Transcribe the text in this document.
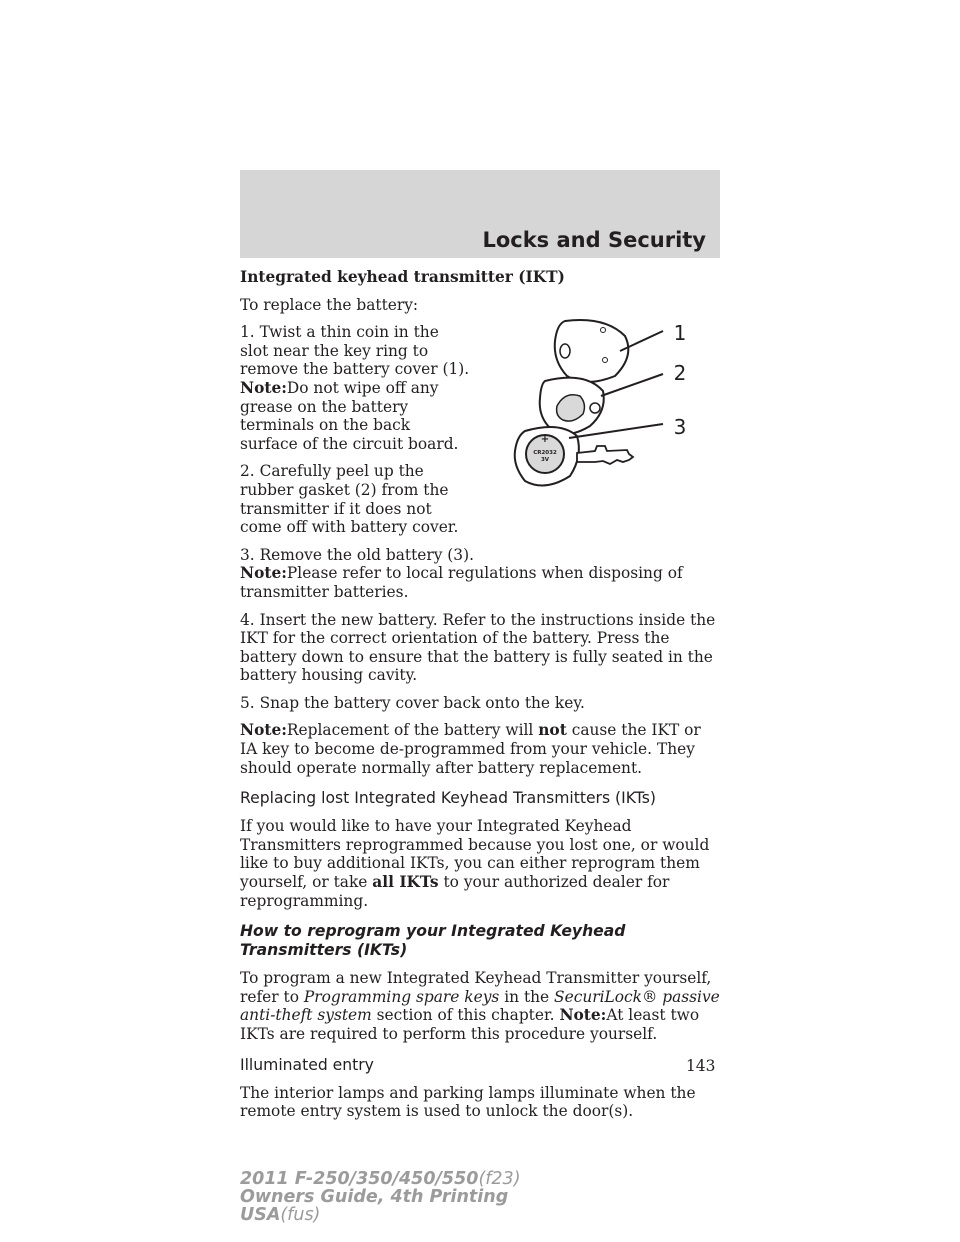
Locks and Security
+
CR2032
3V
1
2
3

Integrated keyhead transmitter (IKT)

To replace the battery:

1. Twist a thin coin in the slot near the key ring to remove the battery cover (1).

Note:Do not wipe off any grease on the battery terminals on the back surface of the circuit board.

2. Carefully peel up the rubber gasket (2) from the transmitter if it does not come off with battery cover.

3. Remove the old battery (3).

Note:Please refer to local regulations when disposing of transmitter batteries.

4. Insert the new battery. Refer to the instructions inside the IKT for the correct orientation of the battery. Press the battery down to ensure that the battery is fully seated in the battery housing cavity.

5. Snap the battery cover back onto the key.

Note:Replacement of the battery will not cause the IKT or IA key to become de-programmed from your vehicle. They should operate normally after battery replacement.

Replacing lost Integrated Keyhead Transmitters (IKTs)

If you would like to have your Integrated Keyhead Transmitters reprogrammed because you lost one, or would like to buy additional IKTs, you can either reprogram them yourself, or take all IKTs to your authorized dealer for reprogramming.

How to reprogram your Integrated Keyhead Transmitters (IKTs)

To program a new Integrated Keyhead Transmitter yourself, refer to Programming spare keys in the SecuriLock® passive anti-theft system section of this chapter. Note:At least two IKTs are required to perform this procedure yourself.

Illuminated entry

The interior lamps and parking lamps illuminate when the remote entry system is used to unlock the door(s).

143
2011 F-250/350/450/550(f23)
Owners Guide, 4th Printing
USA(fus)
